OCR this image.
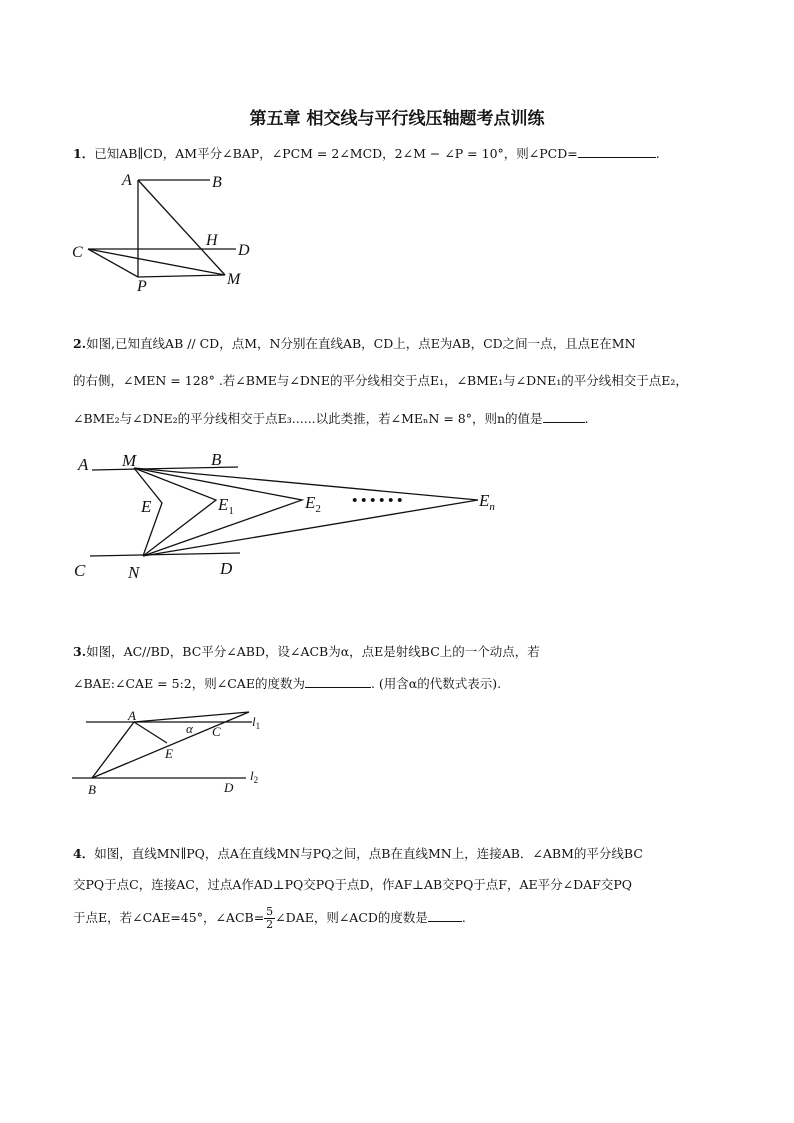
第五章 相交线与平行线压轴题考点训练
1．已知AB∥CD，AM平分∠BAP，∠PCM = 2∠MCD，2∠M − ∠P = 10°，则∠PCD=	.
A	B
C	D
H
M
P
2.如图,已知直线AB // CD，点M，N分别在直线AB，CD上，点E为AB，CD之间一点，且点E在MN
的右侧，∠MEN = 128° .若∠BME与∠DNE的平分线相交于点E₁，∠BME₁与∠DNE₁的平分线相交于点E₂，
∠BME₂与∠DNE₂的平分线相交于点E₃......以此类推，若∠MEₙN = 8°，则n的值是	.
A M	B
E	$E_1$	$E_2$ • • • • • •	$E_n$
C	N	D
3.如图，AC//BD，BC平分∠ABD，设∠ACB为α，点E是射线BC上的一个动点，若
∠BAE:∠CAE = 5:2，则∠CAE的度数为	. (用含α的代数式表示).
A
α C
E
B	D
$l_1$
$l_2$
4．如图，直线MN∥PQ，点A在直线MN与PQ之间，点B在直线MN上，连接AB．∠ABM的平分线BC
交PQ于点C，连接AC，过点A作AD⊥PQ交PQ于点D，作AF⊥AB交PQ于点F，AE平分∠DAF交PQ
于点E，若∠CAE=45°，∠ACB= $\frac{5}{2}$ ∠DAE，则∠ACD的度数是	.
